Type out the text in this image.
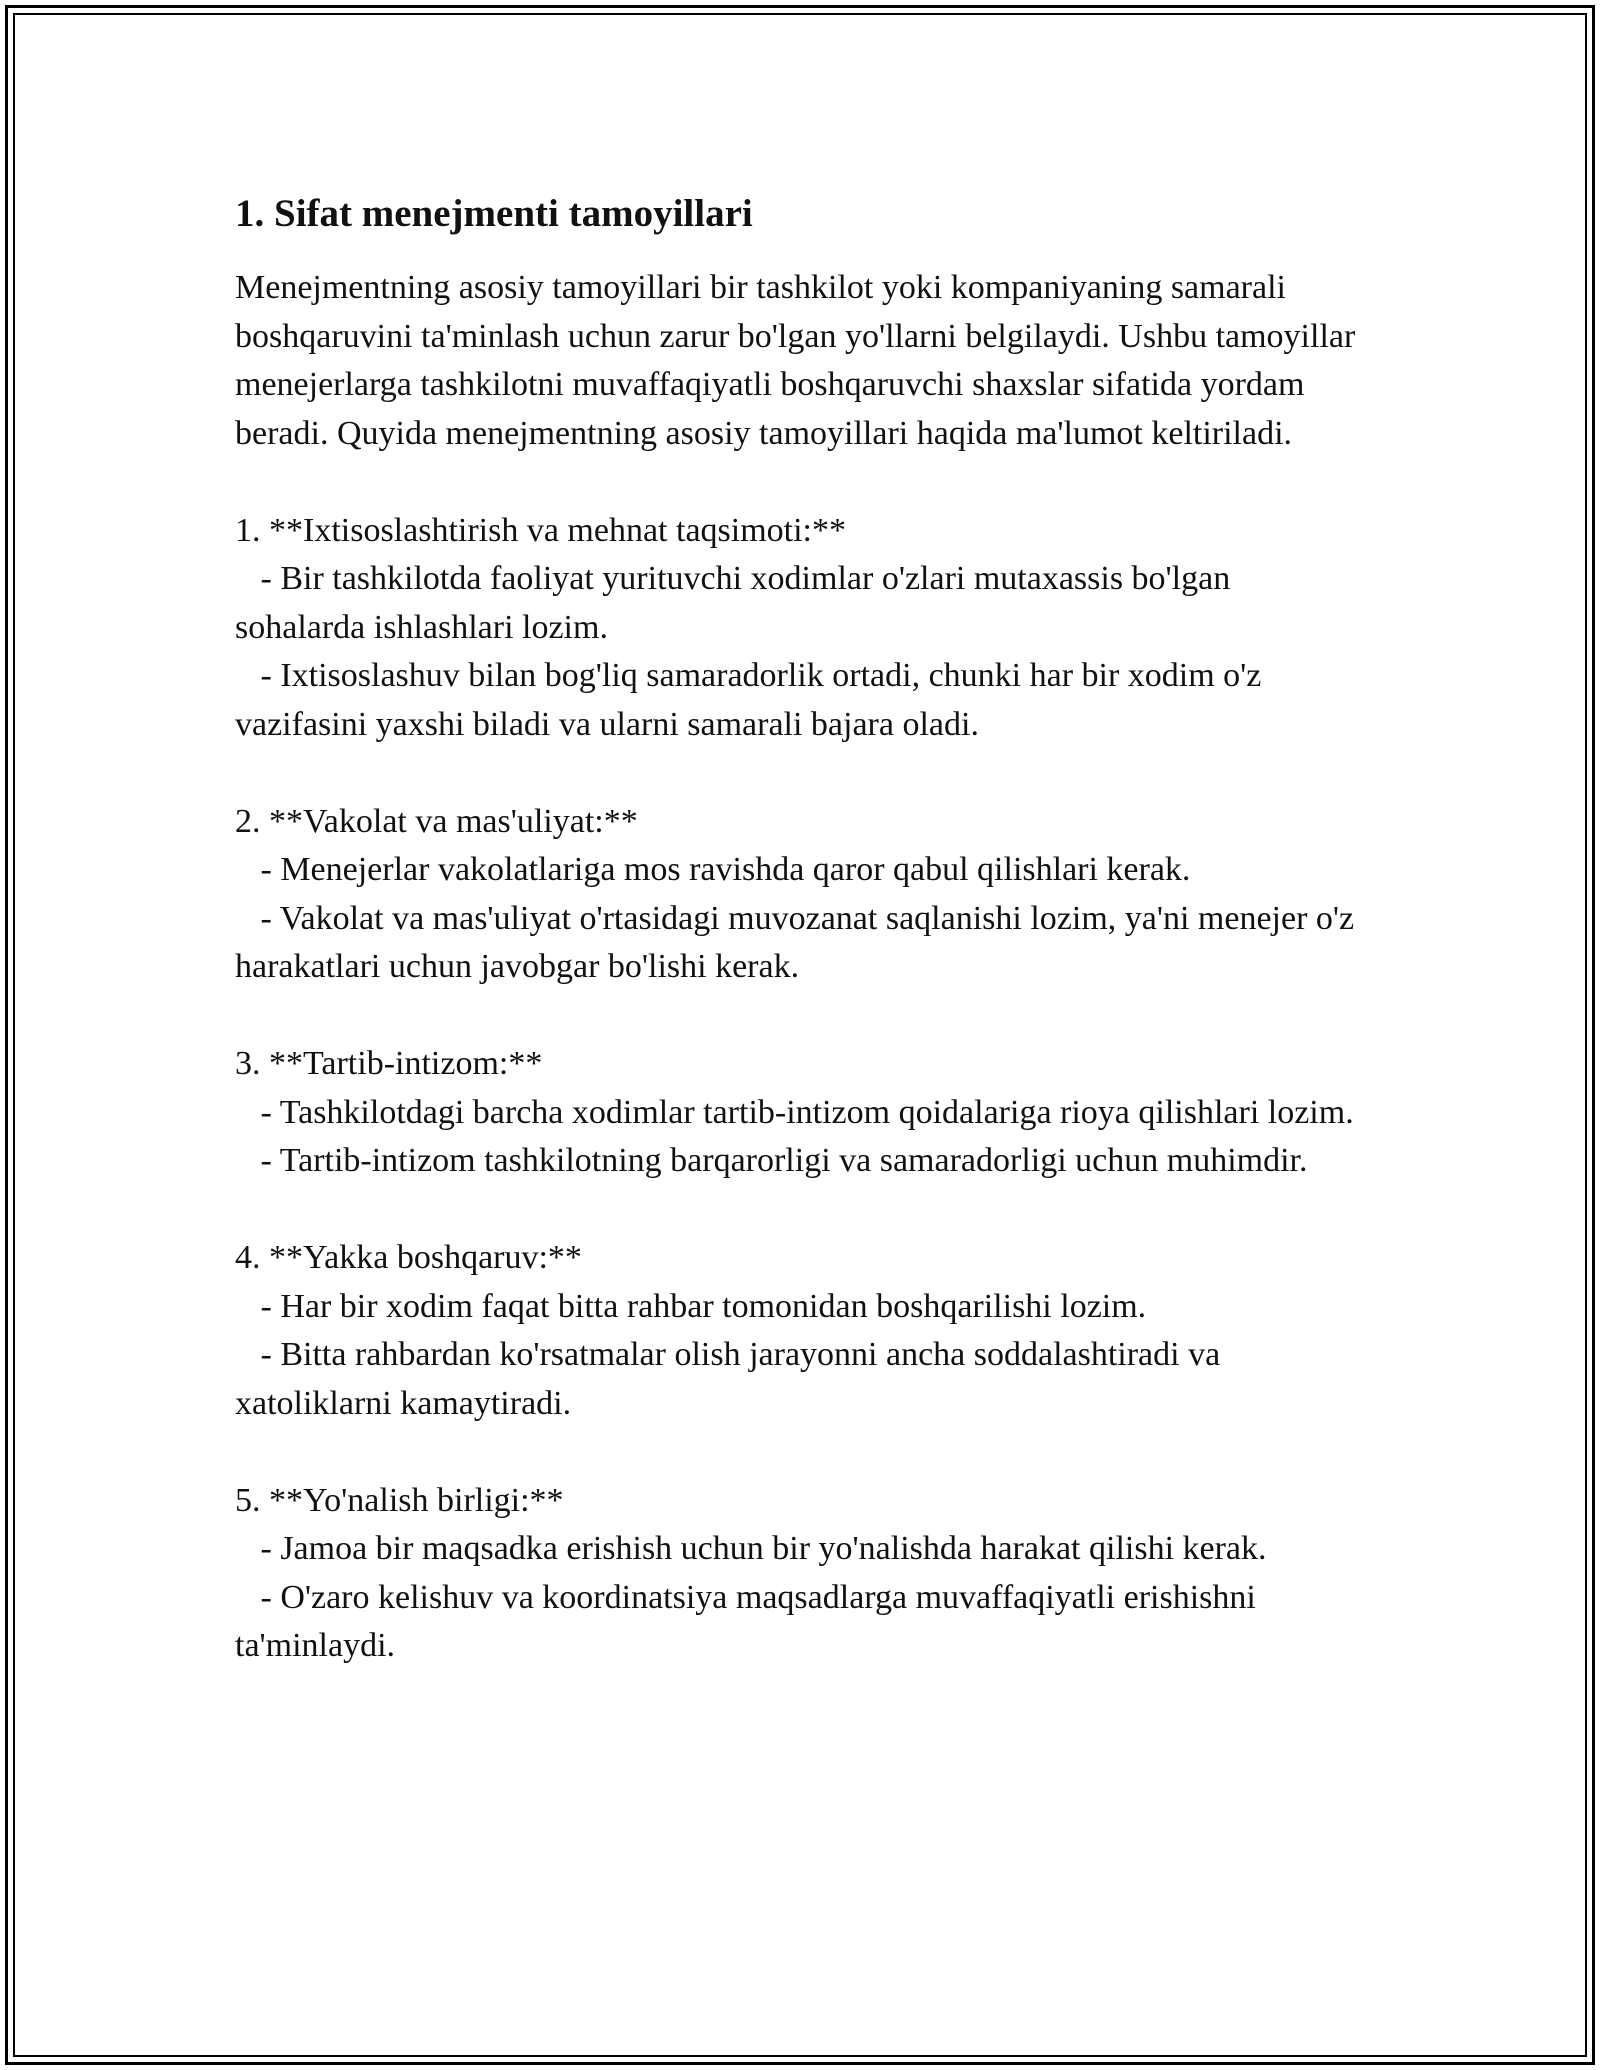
1. Sifat menejmenti tamoyillari

Menejmentning asosiy tamoyillari bir tashkilot yoki kompaniyaning samarali boshqaruvini ta'minlash uchun zarur bo'lgan yo'llarni belgilaydi. Ushbu tamoyillar menejerlarga tashkilotni muvaffaqiyatli boshqaruvchi shaxslar sifatida yordam beradi. Quyida menejmentning asosiy tamoyillari haqida ma'lumot keltiriladi.

1. **Ixtisoslashtirish va mehnat taqsimoti:**

- Bir tashkilotda faoliyat yurituvchi xodimlar o'zlari mutaxassis bo'lgan sohalarda ishlashlari lozim.

- Ixtisoslashuv bilan bog'liq samaradorlik ortadi, chunki har bir xodim o'z vazifasini yaxshi biladi va ularni samarali bajara oladi.

2. **Vakolat va mas'uliyat:**

- Menejerlar vakolatlariga mos ravishda qaror qabul qilishlari kerak.

- Vakolat va mas'uliyat o'rtasidagi muvozanat saqlanishi lozim, ya'ni menejer o'z harakatlari uchun javobgar bo'lishi kerak.

3. **Tartib-intizom:**

- Tashkilotdagi barcha xodimlar tartib-intizom qoidalariga rioya qilishlari lozim.

- Tartib-intizom tashkilotning barqarorligi va samaradorligi uchun muhimdir.

4. **Yakka boshqaruv:**

- Har bir xodim faqat bitta rahbar tomonidan boshqarilishi lozim.

- Bitta rahbardan ko'rsatmalar olish jarayonni ancha soddalashtiradi va xatoliklarni kamaytiradi.

5. **Yo'nalish birligi:**

- Jamoa bir maqsadka erishish uchun bir yo'nalishda harakat qilishi kerak.

- O'zaro kelishuv va koordinatsiya maqsadlarga muvaffaqiyatli erishishni ta'minlaydi.
